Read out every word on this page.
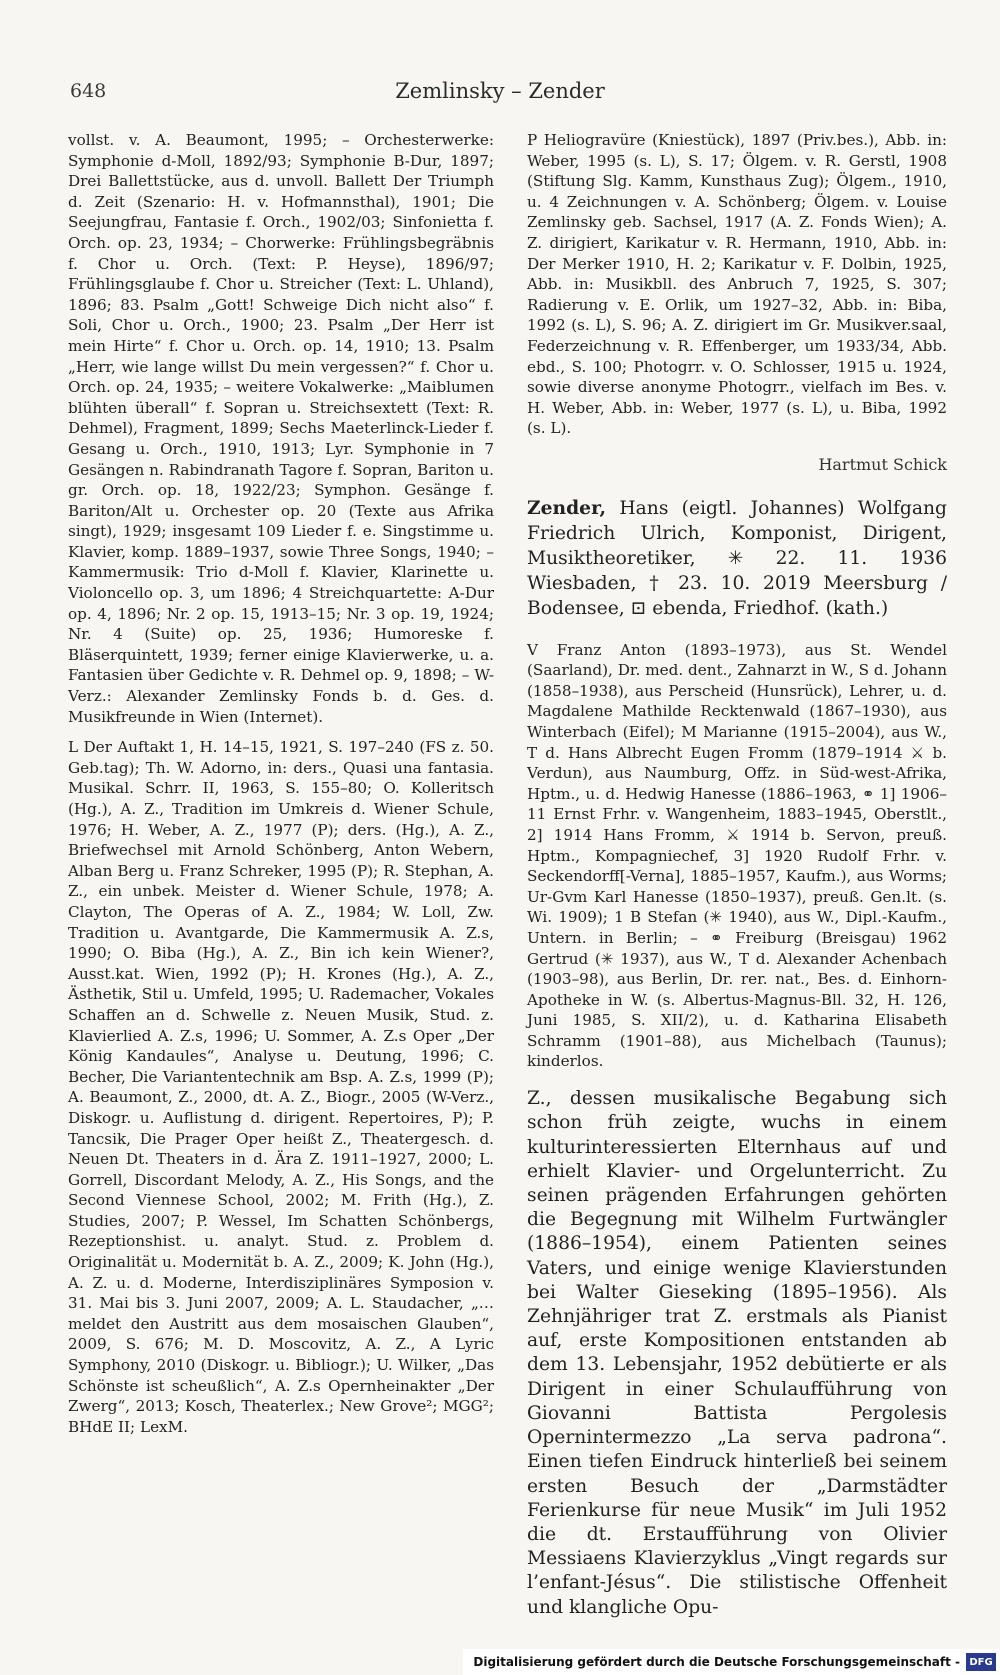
648	Zemlinsky – Zender

vollst. v. A. Beaumont, 1995; – Orchesterwerke: Symphonie d-Moll, 1892/93; Symphonie B-Dur, 1897; Drei Ballettstücke, aus d. unvoll. Ballett Der Triumph d. Zeit (Szenario: H. v. Hofmannsthal), 1901; Die Seejungfrau, Fantasie f. Orch., 1902/03; Sinfonietta f. Orch. op. 23, 1934; – Chorwerke: Frühlingsbegräbnis f. Chor u. Orch. (Text: P. Heyse), 1896/97; Frühlingsglaube f. Chor u. Streicher (Text: L. Uhland), 1896; 83. Psalm „Gott! Schweige Dich nicht also“ f. Soli, Chor u. Orch., 1900; 23. Psalm „Der Herr ist mein Hirte“ f. Chor u. Orch. op. 14, 1910; 13. Psalm „Herr, wie lange willst Du mein vergessen?“ f. Chor u. Orch. op. 24, 1935; – weitere Vokalwerke: „Maiblumen blühten überall“ f. Sopran u. Streichsextett (Text: R. Dehmel), Fragment, 1899; Sechs Maeterlinck-Lieder f. Gesang u. Orch., 1910, 1913; Lyr. Symphonie in 7 Gesängen n. Rabindranath Tagore f. Sopran, Bariton u. gr. Orch. op. 18, 1922/23; Symphon. Gesänge f. Bariton/Alt u. Orchester op. 20 (Texte aus Afrika singt), 1929; insgesamt 109 Lieder f. e. Singstimme u. Klavier, komp. 1889–1937, sowie Three Songs, 1940; – Kammermusik: Trio d-Moll f. Klavier, Klarinette u. Violoncello op. 3, um 1896; 4 Streichquartette: A-Dur op. 4, 1896; Nr. 2 op. 15, 1913–15; Nr. 3 op. 19, 1924; Nr. 4 (Suite) op. 25, 1936; Humoreske f. Bläserquintett, 1939; ferner einige Klavierwerke, u. a. Fantasien über Gedichte v. R. Dehmel op. 9, 1898; – W-Verz.: Alexander Zemlinsky Fonds b. d. Ges. d. Musikfreunde in Wien (Internet).

L Der Auftakt 1, H. 14–15, 1921, S. 197–240 (FS z. 50. Geb.tag); Th. W. Adorno, in: ders., Quasi una fantasia. Musikal. Schrr. II, 1963, S. 155–80; O. Kolleritsch (Hg.), A. Z., Tradition im Umkreis d. Wiener Schule, 1976; H. Weber, A. Z., 1977 (P); ders. (Hg.), A. Z., Briefwechsel mit Arnold Schönberg, Anton Webern, Alban Berg u. Franz Schreker, 1995 (P); R. Stephan, A. Z., ein unbek. Meister d. Wiener Schule, 1978; A. Clayton, The Operas of A. Z., 1984; W. Loll, Zw. Tradition u. Avantgarde, Die Kammermusik A. Z.s, 1990; O. Biba (Hg.), A. Z., Bin ich kein Wiener?, Ausst.kat. Wien, 1992 (P); H. Krones (Hg.), A. Z., Ästhetik, Stil u. Umfeld, 1995; U. Rademacher, Vokales Schaffen an d. Schwelle z. Neuen Musik, Stud. z. Klavierlied A. Z.s, 1996; U. Sommer, A. Z.s Oper „Der König Kandaules“, Analyse u. Deutung, 1996; C. Becher, Die Variantentechnik am Bsp. A. Z.s, 1999 (P); A. Beaumont, Z., 2000, dt. A. Z., Biogr., 2005 (W-Verz., Diskogr. u. Auflistung d. dirigent. Repertoires, P); P. Tancsik, Die Prager Oper heißt Z., Theatergesch. d. Neuen Dt. Theaters in d. Ära Z. 1911–1927, 2000; L. Gorrell, Discordant Melody, A. Z., His Songs, and the Second Viennese School, 2002; M. Frith (Hg.), Z. Studies, 2007; P. Wessel, Im Schatten Schönbergs, Rezeptionshist. u. analyt. Stud. z. Problem d. Originalität u. Modernität b. A. Z., 2009; K. John (Hg.), A. Z. u. d. Moderne, Interdisziplinäres Symposion v. 31. Mai bis 3. Juni 2007, 2009; A. L. Staudacher, „… meldet den Austritt aus dem mosaischen Glauben“, 2009, S. 676; M. D. Moscovitz, A. Z., A Lyric Symphony, 2010 (Diskogr. u. Bibliogr.); U. Wilker, „Das Schönste ist scheußlich“, A. Z.s Opernheinakter „Der Zwerg“, 2013; Kosch, Theaterlex.; New Grove²; MGG²; BHdE II; LexM.

P Heliogravüre (Kniestück), 1897 (Priv.bes.), Abb. in: Weber, 1995 (s. L), S. 17; Ölgem. v. R. Gerstl, 1908 (Stiftung Slg. Kamm, Kunsthaus Zug); Ölgem., 1910, u. 4 Zeichnungen v. A. Schönberg; Ölgem. v. Louise Zemlinsky geb. Sachsel, 1917 (A. Z. Fonds Wien); A. Z. dirigiert, Karikatur v. R. Hermann, 1910, Abb. in: Der Merker 1910, H. 2; Karikatur v. F. Dolbin, 1925, Abb. in: Musikbll. des Anbruch 7, 1925, S. 307; Radierung v. E. Orlik, um 1927–32, Abb. in: Biba, 1992 (s. L), S. 96; A. Z. dirigiert im Gr. Musikver.saal, Federzeichnung v. R. Effenberger, um 1933/34, Abb. ebd., S. 100; Photogrr. v. O. Schlosser, 1915 u. 1924, sowie diverse anonyme Photogrr., vielfach im Bes. v. H. Weber, Abb. in: Weber, 1977 (s. L), u. Biba, 1992 (s. L).

Hartmut Schick

Zender, Hans (eigtl. Johannes) Wolfgang Friedrich Ulrich, Komponist, Dirigent, Musiktheoretiker, ✳ 22. 11. 1936 Wiesbaden, † 23. 10. 2019 Meersburg / Bodensee, ⊡ ebenda, Friedhof. (kath.)

V Franz Anton (1893–1973), aus St. Wendel (Saarland), Dr. med. dent., Zahnarzt in W., S d. Johann (1858–1938), aus Perscheid (Hunsrück), Lehrer, u. d. Magdalene Mathilde Recktenwald (1867–1930), aus Winterbach (Eifel); M Marianne (1915–2004), aus W., T d. Hans Albrecht Eugen Fromm (1879–1914 ⚔ b. Verdun), aus Naumburg, Offz. in Süd-west-Afrika, Hptm., u. d. Hedwig Hanesse (1886–1963, ⚭ 1] 1906–11 Ernst Frhr. v. Wangenheim, 1883–1945, Oberstlt., 2] 1914 Hans Fromm, ⚔ 1914 b. Servon, preuß. Hptm., Kompagniechef, 3] 1920 Rudolf Frhr. v. Seckendorff[-Verna], 1885–1957, Kaufm.), aus Worms; Ur-Gvm Karl Hanesse (1850–1937), preuß. Gen.lt. (s. Wi. 1909); 1 B Stefan (✳ 1940), aus W., Dipl.-Kaufm., Untern. in Berlin; – ⚭ Freiburg (Breisgau) 1962 Gertrud (✳ 1937), aus W., T d. Alexander Achenbach (1903–98), aus Berlin, Dr. rer. nat., Bes. d. Einhorn-Apotheke in W. (s. Albertus-Magnus-Bll. 32, H. 126, Juni 1985, S. XII/2), u. d. Katharina Elisabeth Schramm (1901–88), aus Michelbach (Taunus); kinderlos.

Z., dessen musikalische Begabung sich schon früh zeigte, wuchs in einem kulturinteressierten Elternhaus auf und erhielt Klavier- und Orgelunterricht. Zu seinen prägenden Erfahrungen gehörten die Begegnung mit Wilhelm Furtwängler (1886–1954), einem Patienten seines Vaters, und einige wenige Klavierstunden bei Walter Gieseking (1895–1956). Als Zehnjähriger trat Z. erstmals als Pianist auf, erste Kompositionen entstanden ab dem 13. Lebensjahr, 1952 debütierte er als Dirigent in einer Schulaufführung von Giovanni Battista Pergolesis Opernintermezzo „La serva padrona“. Einen tiefen Eindruck hinterließ bei seinem ersten Besuch der „Darmstädter Ferienkurse für neue Musik“ im Juli 1952 die dt. Erstaufführung von Olivier Messiaens Klavierzyklus „Vingt regards sur l’enfant-Jésus“. Die stilistische Offenheit und klangliche Opu-

Digitalisierung gefördert durch die Deutsche Forschungsgemeinschaft - DFG
